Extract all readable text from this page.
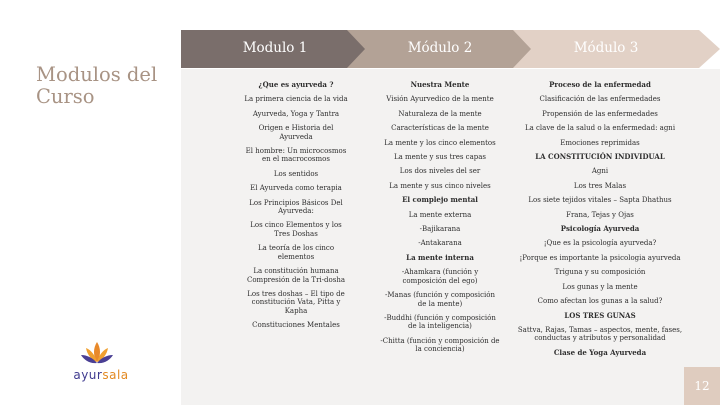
Modulos del
Curso
ayursala
Modulo 1	Módulo 2	Módulo 3
¿Que es ayurveda ?
La primera ciencia de la vida
Ayurveda, Yoga y Tantra
Origen e Historia del
Ayurveda
El hombre: Un microcosmos
en el macrocosmos
Los sentidos
El Ayurveda como terapia
Los Principios Básicos Del
Ayurveda:
Los cinco Elementos y los
Tres Doshas
La teoría de los cinco
elementos
La constitución humana
Compresión de la Tri-dosha
Los tres doshas – El tipo de
constitución Vata, Pitta y
Kapha
Constituciones Mentales
Nuestra Mente
Visión Ayurvedico de la mente
Naturaleza de la mente
Características de la mente
La mente y los cinco elementos
La mente y sus tres capas
Los dos niveles del ser
La mente y sus cinco niveles
El complejo mental
La mente externa
-Bajikarana
-Antakarana
La mente interna
-Ahamkara (función y
composición del ego)
-Manas (función y composición
de la mente)
-Buddhi (función y composición
de la inteligencia)
-Chitta (función y composición de
la conciencia)
Proceso de la enfermedad
Clasificación de las enfermedades
Propensión de las enfermedades
La clave de la salud o la enfermedad: agni
Emociones reprimidas
LA CONSTITUCIÓN INDIVIDUAL
Agni
Los tres Malas
Los siete tejidos vitales – Sapta Dhathus
Frana, Tejas y Ojas
Psicología Ayurveda
¡Que es la psicología ayurveda?
¡Porque es importante la psicologia ayurveda
Triguna y su composición
Los gunas y la mente
Como afectan los gunas a la salud?
LOS TRES GUNAS
Sattva, Rajas, Tamas – aspectos, mente, fases,
conductas y atributos y personalidad
Clase de Yoga Ayurveda
12
